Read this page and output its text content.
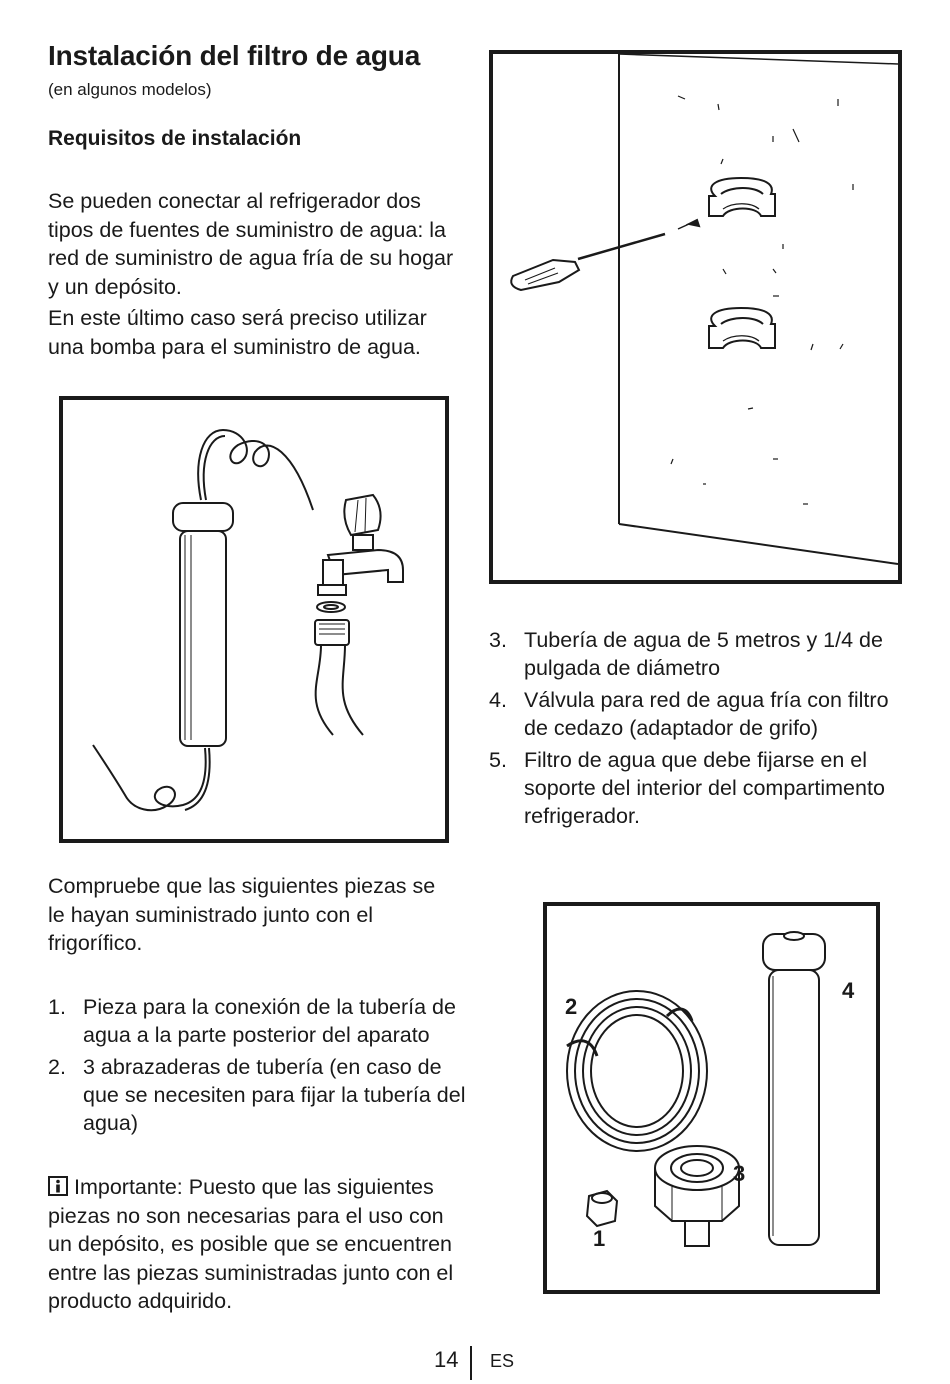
Instalación del filtro de agua
(en algunos modelos)
Requisitos de instalación
Se pueden conectar al refrigerador dos tipos de fuentes de suministro de agua: la red de suministro de agua fría de su hogar y un depósito.
En este último caso será preciso utilizar una bomba para el suministro de agua.
3. Tubería de agua de 5 metros y 1/4 de pulgada de diámetro
4. Válvula para red de agua fría con filtro de cedazo (adaptador de grifo)
5. Filtro de agua que debe fijarse en el soporte del interior del compartimento refrigerador.
Compruebe que las siguientes piezas se le hayan suministrado junto con el frigorífico.
1. Pieza para la conexión de la tubería de agua a la parte posterior del aparato
2. 3 abrazaderas de tubería (en caso de que se necesiten para fijar la tubería del agua)
Importante: Puesto que las siguientes piezas no son necesarias para el uso con un depósito, es posible que se encuentren entre las piezas suministradas junto con el producto adquirido.
2
4
3
1
14 ES
